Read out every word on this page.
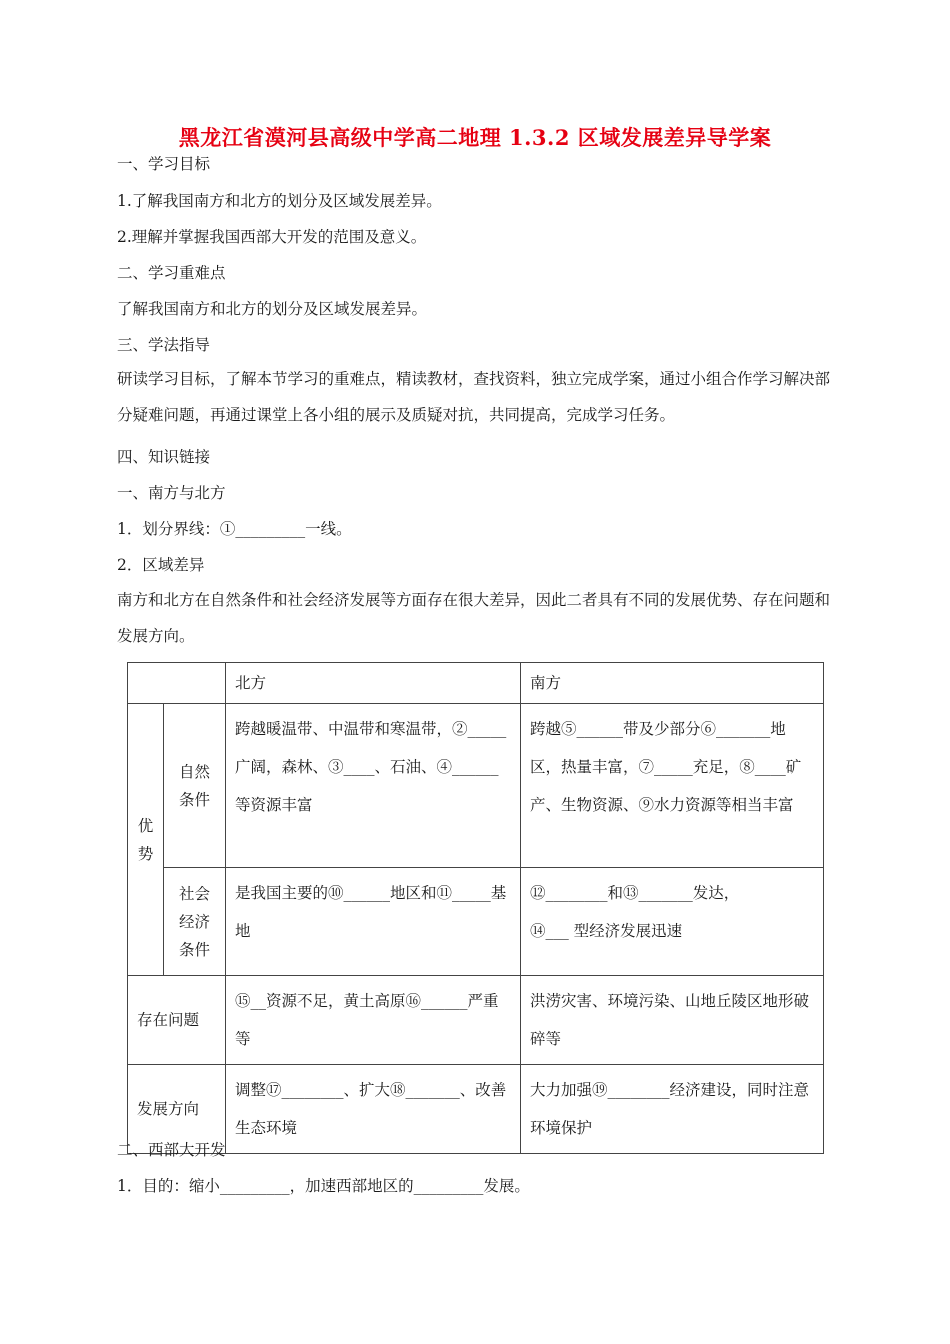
黑龙江省漠河县高级中学高二地理 1.3.2 区域发展差异导学案
一、学习目标
1.了解我国南方和北方的划分及区域发展差异。
2.理解并掌握我国西部大开发的范围及意义。
二、学习重难点
了解我国南方和北方的划分及区域发展差异。
三、学法指导
研读学习目标，了解本节学习的重难点，精读教材，查找资料，独立完成学案，通过小组合作学习解决部分疑难问题，再通过课堂上各小组的展示及质疑对抗，共同提高，完成学习任务。
四、知识链接
一、南方与北方
1．划分界线：①_________一线。
2．区域差异
南方和北方在自然条件和社会经济发展等方面存在很大差异，因此二者具有不同的发展优势、存在问题和发展方向。
		北方	南方
优势	自然条件	跨越暖温带、中温带和寒温带，②_____广阔，森林、③____、石油、④______等资源丰富	跨越⑤______带及少部分⑥_______地区，热量丰富，⑦_____充足，⑧____矿产、生物资源、⑨水力资源等相当丰富
	社会经济条件	是我国主要的⑩______地区和⑪_____基地	⑫________和⑬_______发达，
⑭___ 型经济发展迅速

存在问题		⑮__资源不足，黄土高原⑯______严重等	洪涝灾害、环境污染、山地丘陵区地形破碎等
发展方向		调整⑰________、扩大⑱_______、改善生态环境	大力加强⑲________经济建设，同时注意环境保护
二、西部大开发
1．目的：缩小_________，加速西部地区的_________发展。
